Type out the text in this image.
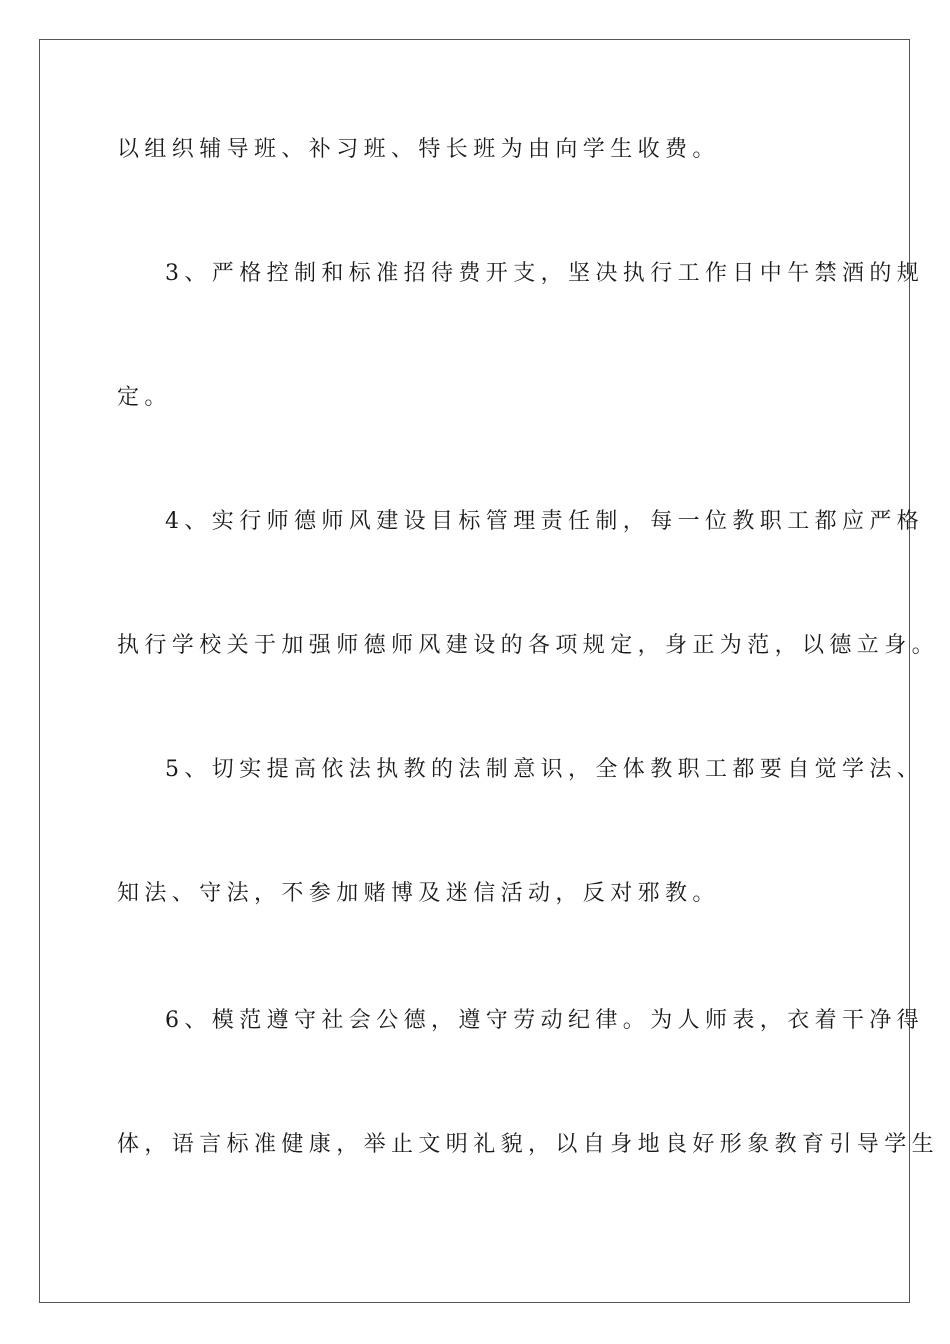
以组织辅导班、补习班、特长班为由向学生收费。
3、严格控制和标准招待费开支，坚决执行工作日中午禁酒的规
定。
4、实行师德师风建设目标管理责任制，每一位教职工都应严格
执行学校关于加强师德师风建设的各项规定，身正为范，以德立身。
5、切实提高依法执教的法制意识，全体教职工都要自觉学法、
知法、守法，不参加赌博及迷信活动，反对邪教。
6、模范遵守社会公德，遵守劳动纪律。为人师表，衣着干净得
体，语言标准健康，举止文明礼貌，以自身地良好形象教育引导学生
